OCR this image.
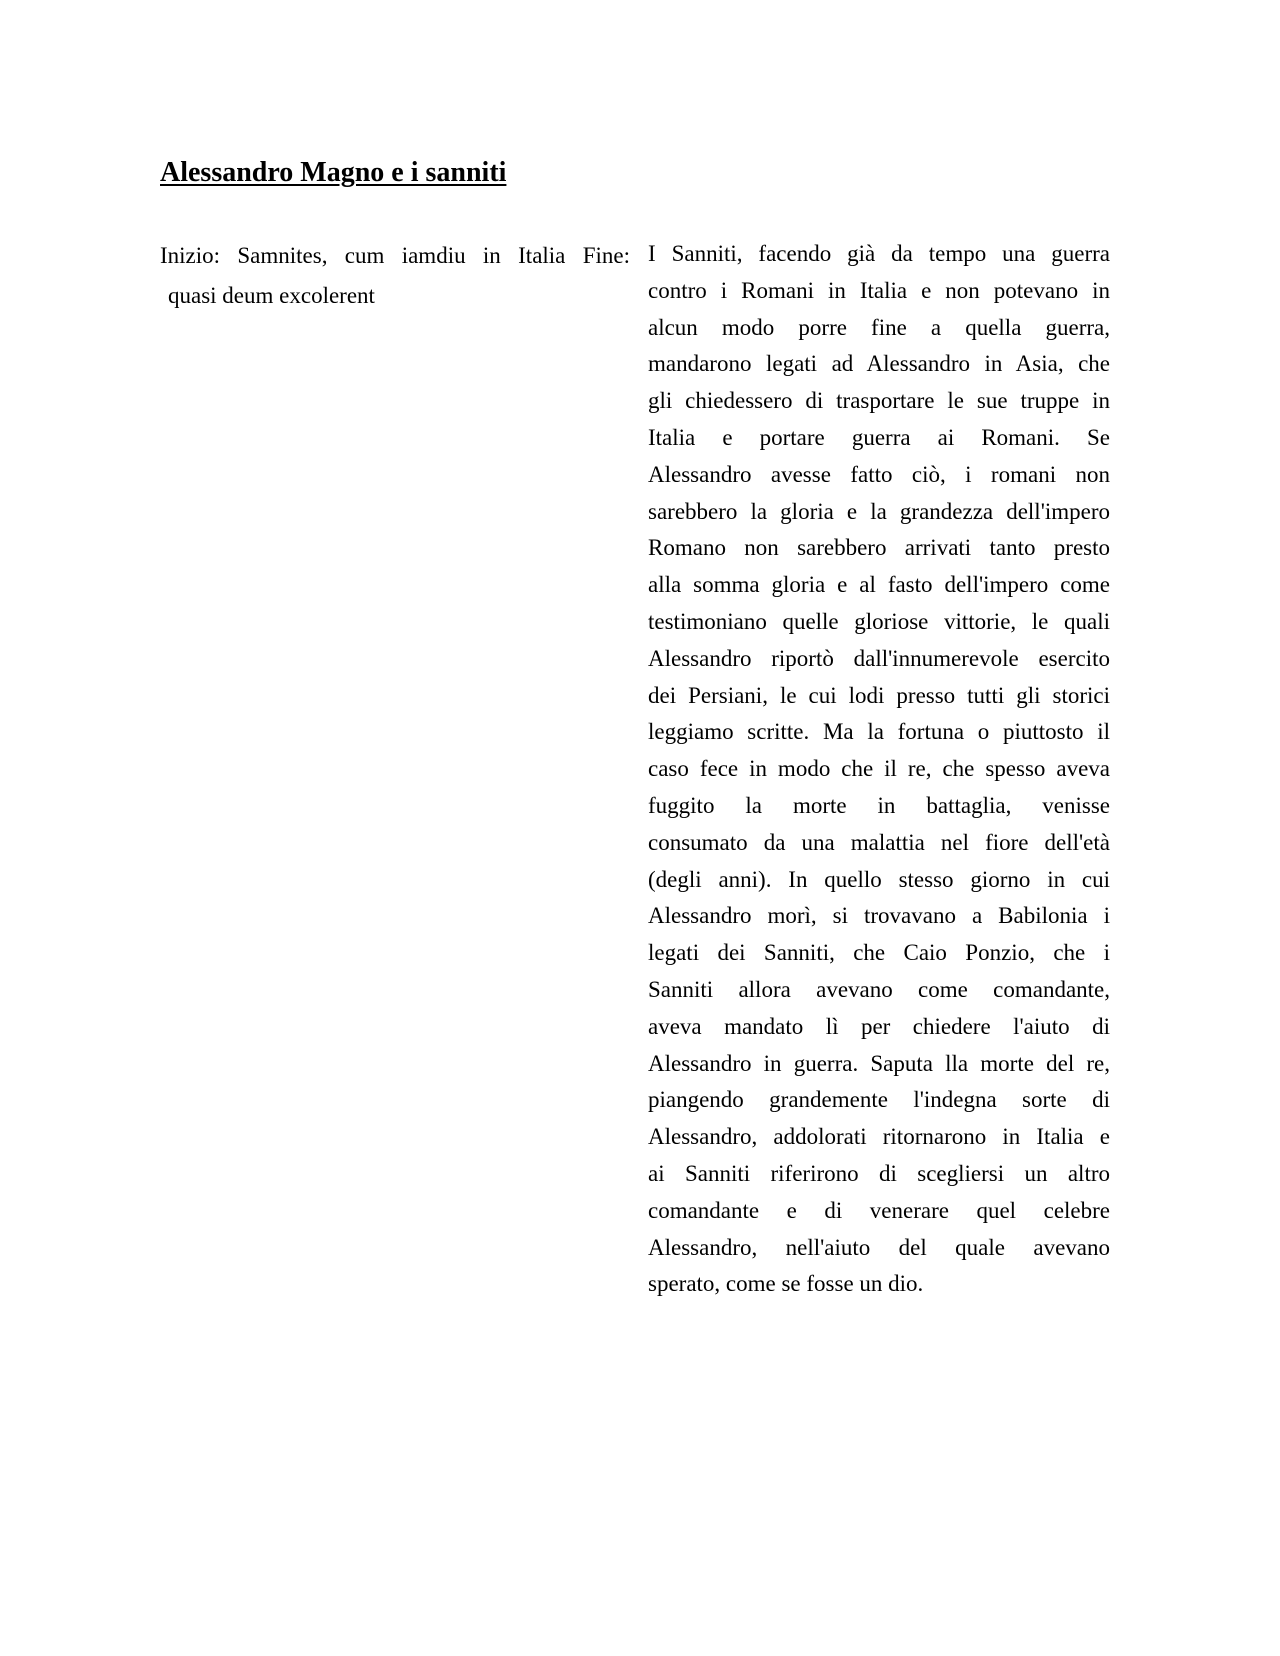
Alessandro Magno e i sanniti
Inizio: Samnites, cum iamdiu in Italia Fine:
quasi deum excolerent
I Sanniti, facendo già da tempo una guerra
contro i Romani in Italia e non potevano in
alcun modo porre fine a quella guerra,
mandarono legati ad Alessandro in Asia, che
gli chiedessero di trasportare le sue truppe in
Italia e portare guerra ai Romani. Se
Alessandro avesse fatto ciò, i romani non
sarebbero la gloria e la grandezza dell'impero
Romano non sarebbero arrivati tanto presto
alla somma gloria e al fasto dell'impero come
testimoniano quelle gloriose vittorie, le quali
Alessandro riportò dall'innumerevole esercito
dei Persiani, le cui lodi presso tutti gli storici
leggiamo scritte. Ma la fortuna o piuttosto il
caso fece in modo che il re, che spesso aveva
fuggito la morte in battaglia, venisse
consumato da una malattia nel fiore dell'età
(degli anni). In quello stesso giorno in cui
Alessandro morì, si trovavano a Babilonia i
legati dei Sanniti, che Caio Ponzio, che i
Sanniti allora avevano come comandante,
aveva mandato lì per chiedere l'aiuto di
Alessandro in guerra. Saputa lla morte del re,
piangendo grandemente l'indegna sorte di
Alessandro, addolorati ritornarono in Italia e
ai Sanniti riferirono di scegliersi un altro
comandante e di venerare quel celebre
Alessandro, nell'aiuto del quale avevano
sperato, come se fosse un dio.
